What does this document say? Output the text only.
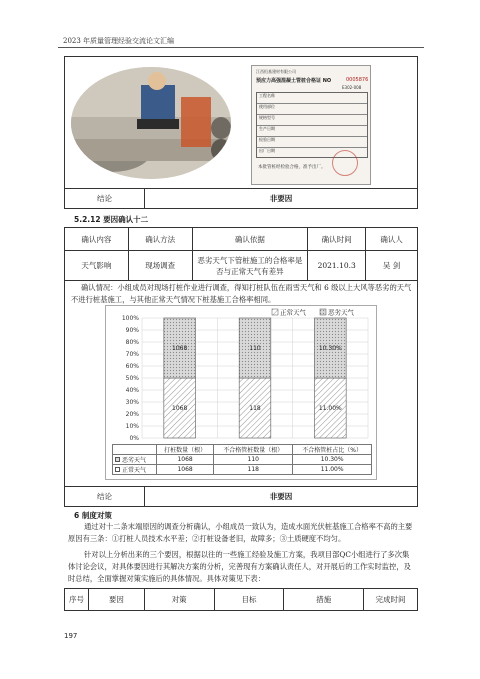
2023 年质量管理经验交流论文汇编
江西恒基建材有限公司
预应力高强混凝土管桩合格证 NO	0005876
E302-008
工程名称
使用部位
规格型号
生产日期
检验日期
出厂日期
本批管桩经检验合格，准予出厂。
结论	非要因
5.2.12 要因确认十二
确认内容	确认方法	确认依据	确认时间	确认人
天气影响	现场调查	恶劣天气下管桩施工的合格率是否与正常天气有差异	2021.10.3	吴 剑
确认情况：小组成员对现场打桩作业进行调查，得知打桩队伍在雨雪天气和 6 级以上大风等恶劣的天气不进行桩基施工，与其他正常天气情况下桩基施工合格率相同。
0%
10%
20%
30%
40%
50%
60%
70%
80%
90%
100%
1068
1068
118
110
11.00%
10.30%
正常天气	恶劣天气
	打桩数量（根）	不合格管桩数量（根）	不合格管桩占比（%）
恶劣天气	1068	110	10.30%
正常天气	1068	118	11.00%
结论	非要因
6 制度对策
通过对十二条末端原因的调查分析确认，小组成员一致认为，造成水面光伏桩基施工合格率不高的主要原因有三条：①打桩人员技术水平差；②打桩设备老旧，故障多；③土质硬度不均匀。
针对以上分析出来的三个要因，根据以往的一些施工经验及施工方案，我项目部QC小组进行了多次集体讨论会议，对具体要因进行其解决方案的分析，完善现有方案确认责任人，对开展后的工作实时监控，及时总结，全面掌握对策实施后的具体情况。具体对策见下表：
序号	要因	对策	目标	措施	完成时间
197
